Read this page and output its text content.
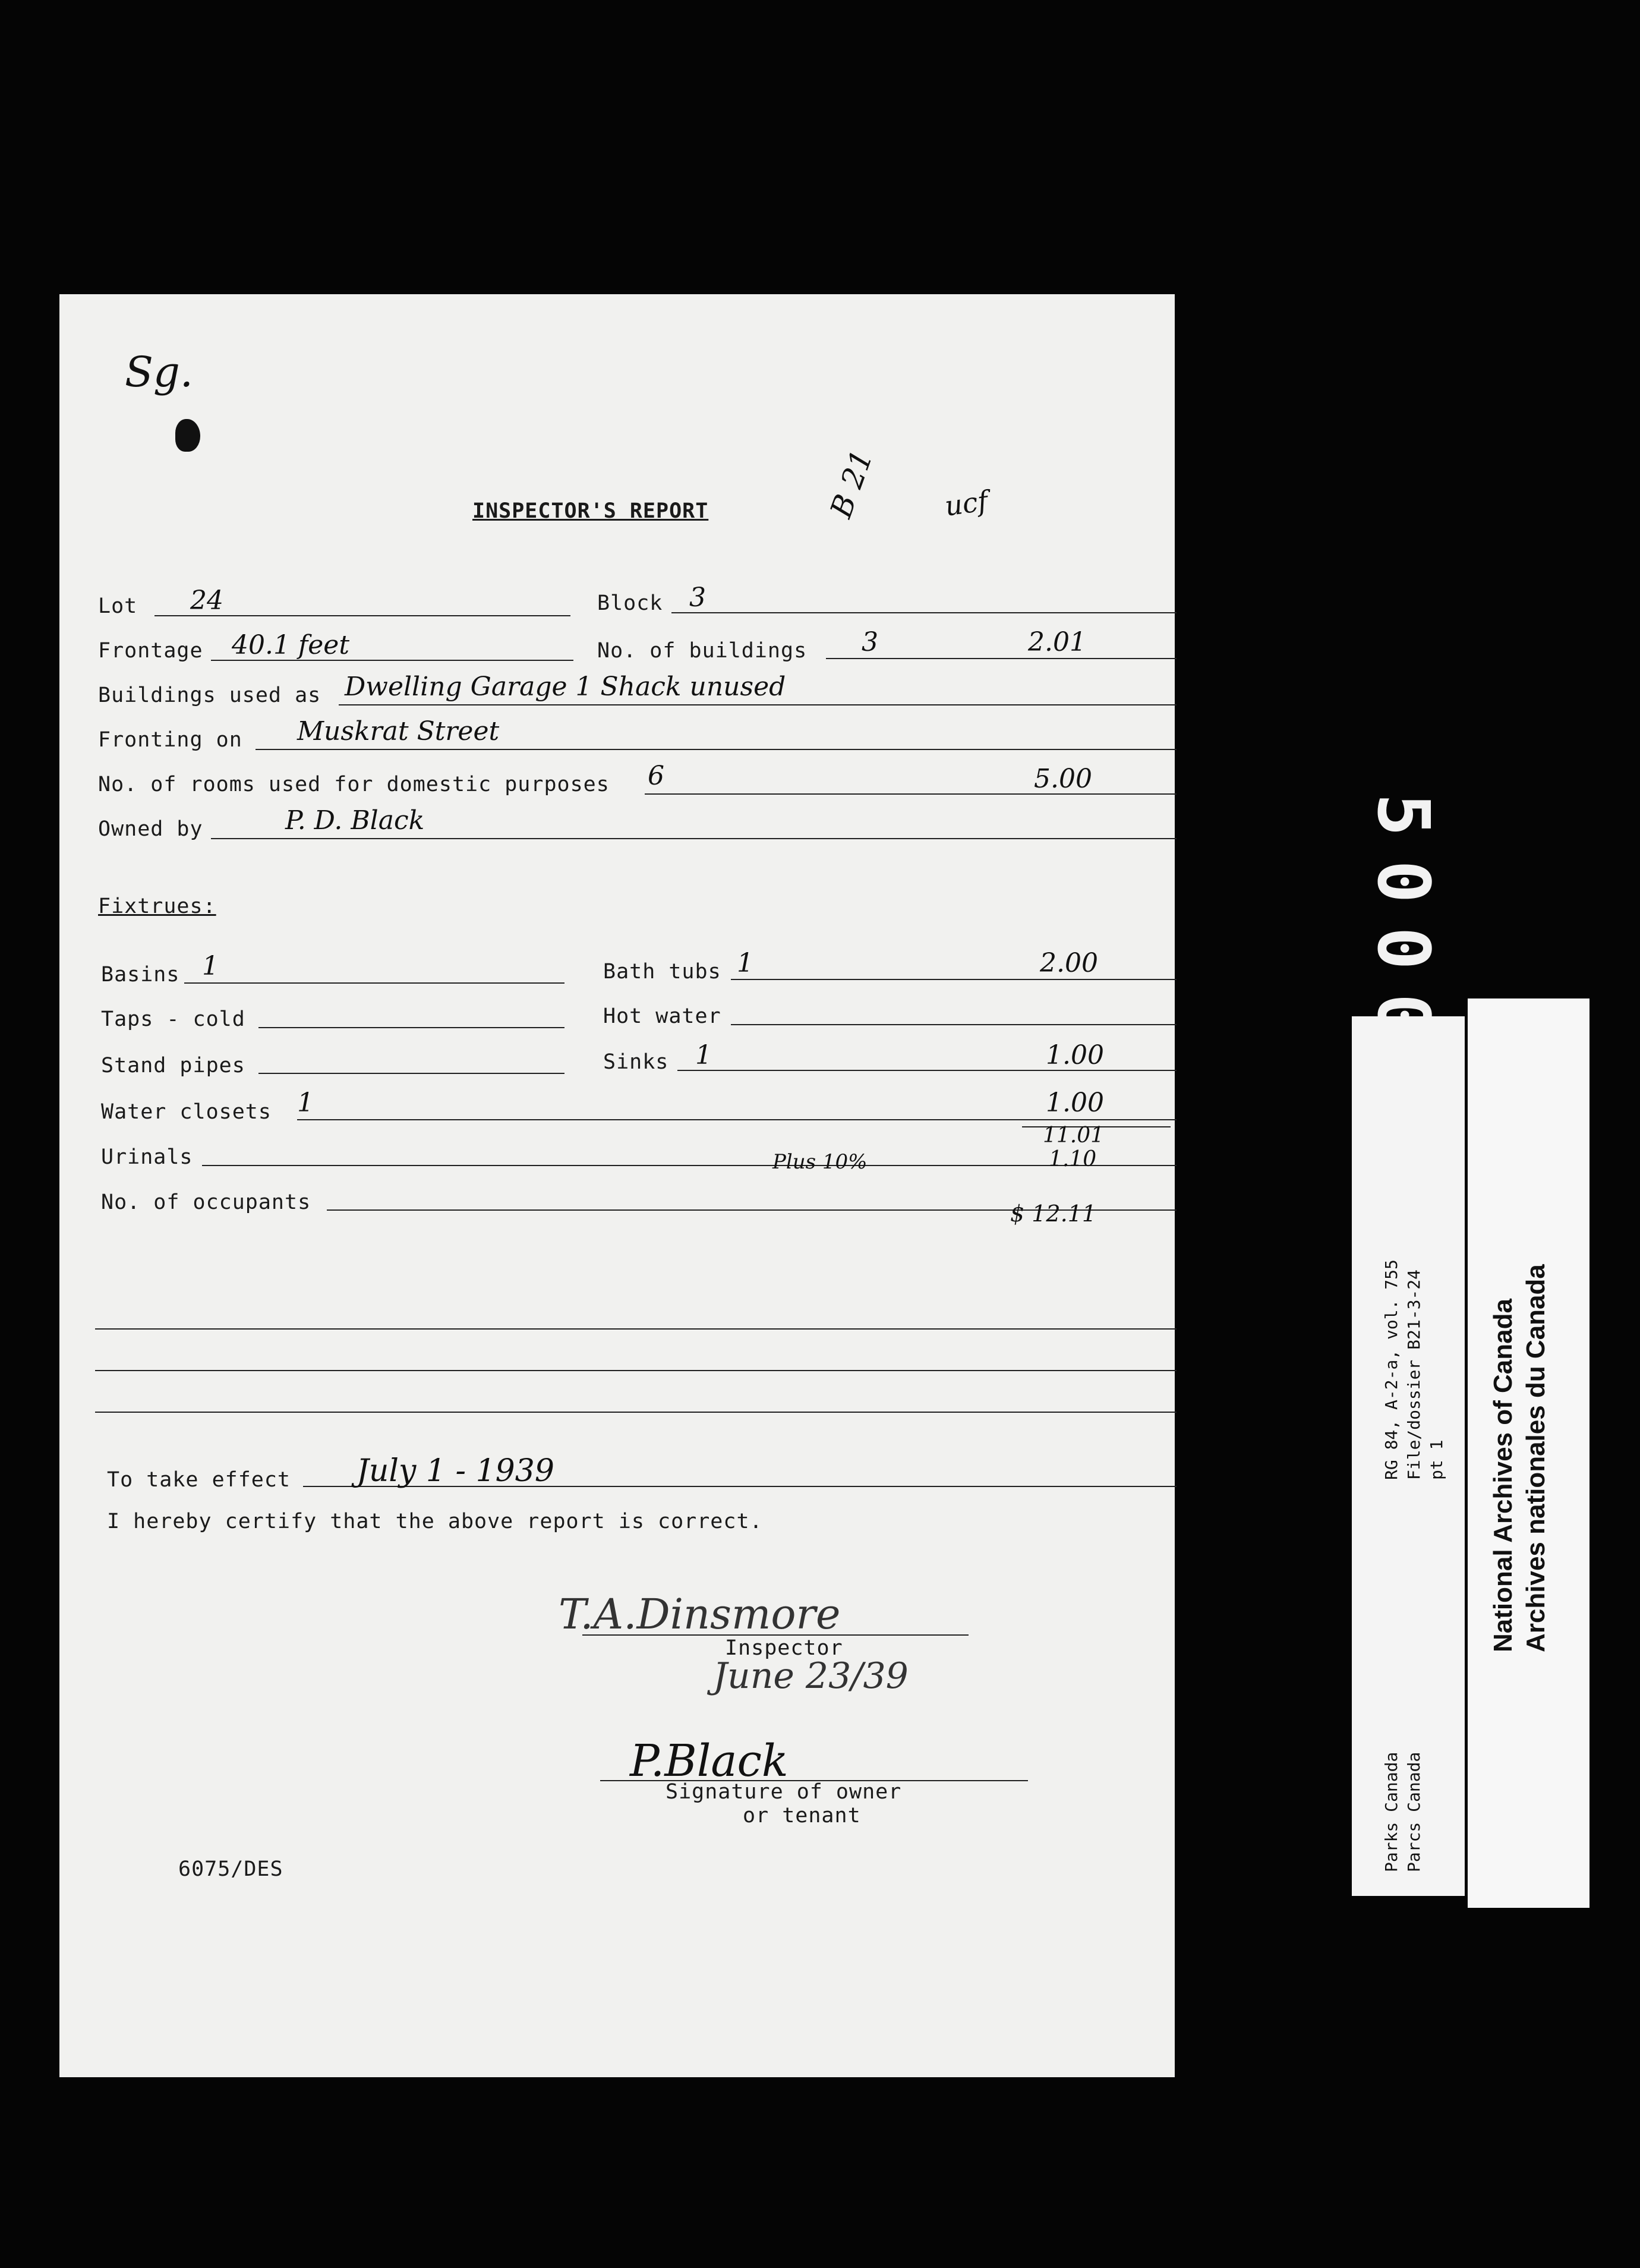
Sg.
INSPECTOR'S REPORT	B 21 ucf
Lot 24	Block 3
Frontage 40.1 feet	No. of buildings 3	2.01
Buildings used as Dwelling Garage 1 Shack unused
Fronting on Muskrat Street
No. of rooms used for domestic purposes 6	5.00
Owned by	P. D. Black
Fixtrues:
Basins 1	Bath tubs 1	2.00
Taps - cold	Hot water
Stand pipes	Sinks 1	1.00
Water closets 1	1.00
11.01
Urinals	Plus 10%	1.10
No. of occupants	$ 12.11
To take effect July 1 - 1939
I hereby certify that the above report is correct.
T.A.Dinsmore
Inspector
June 23/39
P.Black
Signature of owner
or tenant
6075/DES
RG 84, A-2-a, vol. 755 File/dossier B21-3-24 pt 1
Parks Canada Parcs Canada
National Archives of Canada Archives nationales du Canada
